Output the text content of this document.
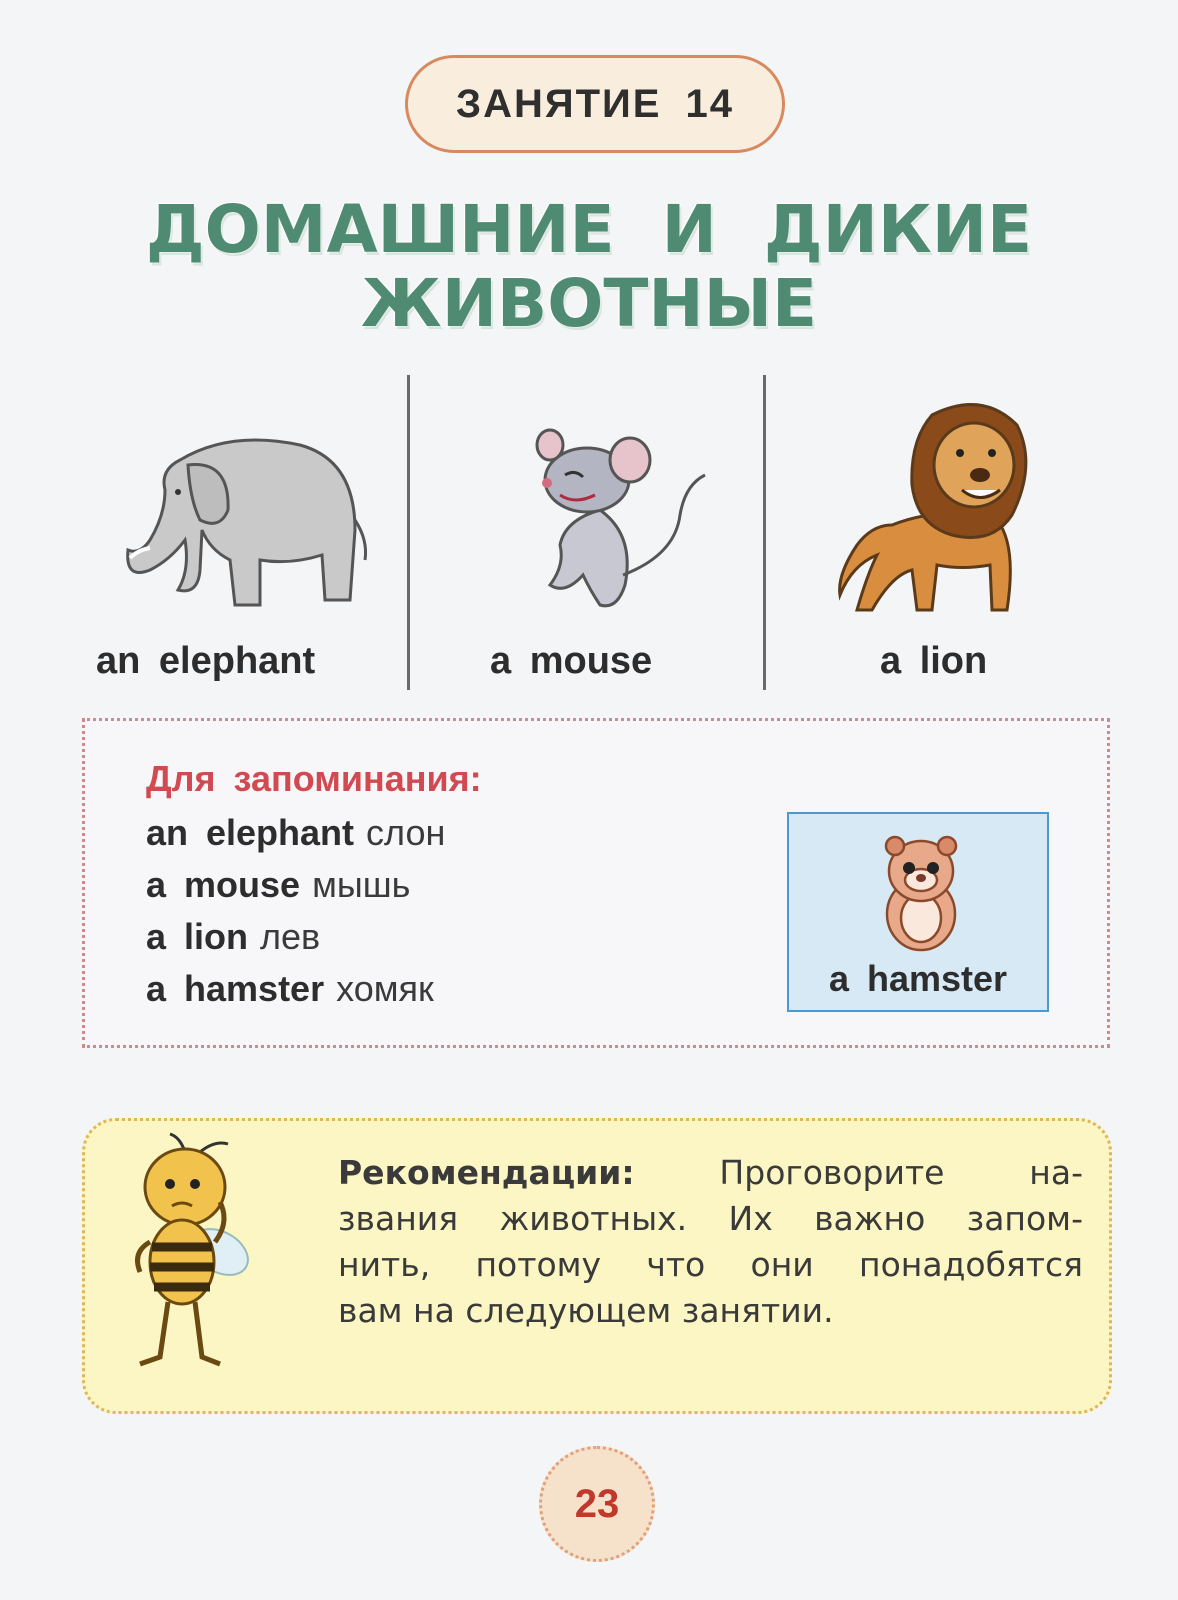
ЗАНЯТИЕ 14
ДОМАШНИЕ И ДИКИЕ
ЖИВОТНЫЕ
an elephant	a mouse	a lion
Для запоминания:
an elephant слон
a mouse мышь
a lion лев
a hamster хомяк	a hamster
Рекомендации: Проговорите на-
звания животных. Их важно запом-
нить, потому что они понадобятся
вам на следующем занятии.
23
